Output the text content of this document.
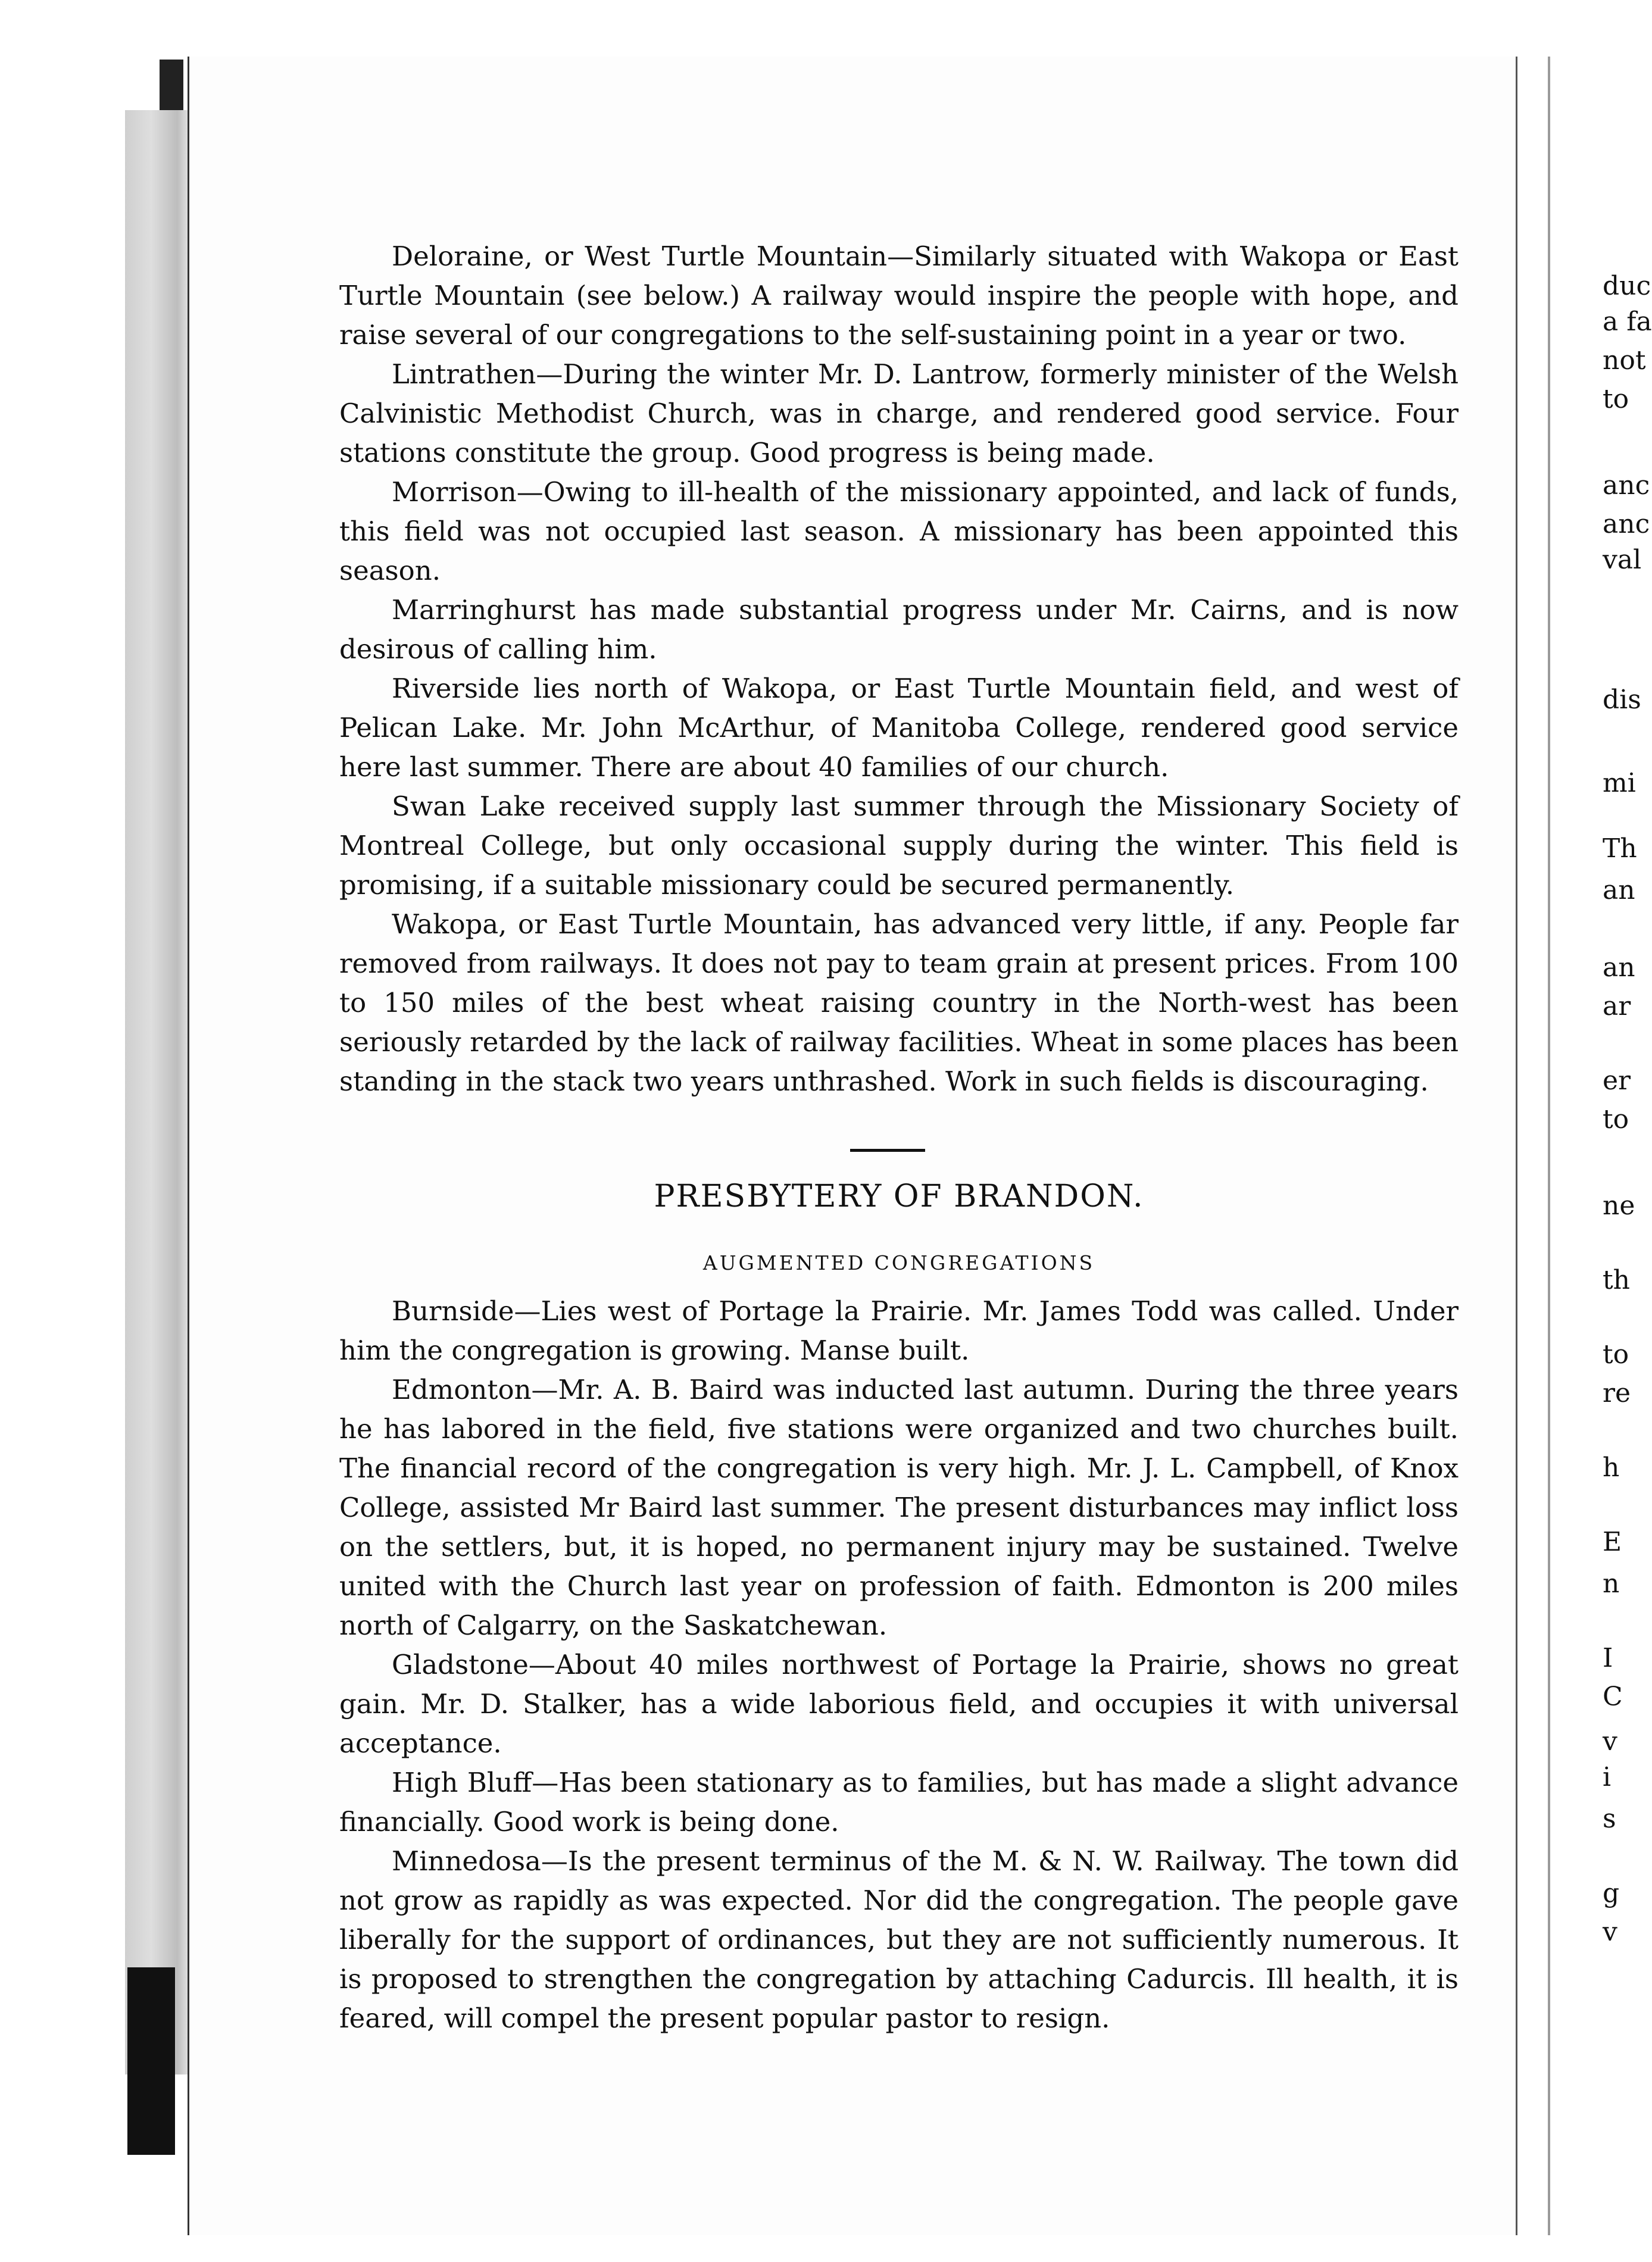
Deloraine, or West Turtle Mountain—Similarly situated with Wakopa or East Turtle Mountain (see below.) A railway would inspire the people with hope, and raise several of our congregations to the self-sustaining point in a year or two.

Lintrathen—During the winter Mr. D. Lantrow, formerly minister of the Welsh Calvinistic Methodist Church, was in charge, and rendered good service. Four stations constitute the group. Good progress is being made.

Morrison—Owing to ill-health of the missionary appointed, and lack of funds, this field was not occupied last season. A missionary has been appointed this season.

Marringhurst has made substantial progress under Mr. Cairns, and is now desirous of calling him.

Riverside lies north of Wakopa, or East Turtle Mountain field, and west of Pelican Lake. Mr. John McArthur, of Manitoba College, rendered good service here last summer. There are about 40 families of our church.

Swan Lake received supply last summer through the Missionary Society of Montreal College, but only occasional supply during the winter. This field is promising, if a suitable missionary could be secured permanently.

Wakopa, or East Turtle Mountain, has advanced very little, if any. People far removed from railways. It does not pay to team grain at present prices. From 100 to 150 miles of the best wheat raising country in the North-west has been seriously retarded by the lack of railway facilities. Wheat in some places has been standing in the stack two years unthrashed. Work in such fields is discouraging.

PRESBYTERY OF BRANDON.
AUGMENTED CONGREGATIONS

Burnside—Lies west of Portage la Prairie. Mr. James Todd was called. Under him the congregation is growing. Manse built.

Edmonton—Mr. A. B. Baird was inducted last autumn. During the three years he has labored in the field, five stations were organized and two churches built. The financial record of the congregation is very high. Mr. J. L. Campbell, of Knox College, assisted Mr Baird last summer. The present disturbances may inflict loss on the settlers, but, it is hoped, no permanent injury may be sustained. Twelve united with the Church last year on profession of faith. Edmonton is 200 miles north of Calgarry, on the Saskatchewan.

Gladstone—About 40 miles northwest of Portage la Prairie, shows no great gain. Mr. D. Stalker, has a wide laborious field, and occupies it with universal acceptance.

High Bluff—Has been stationary as to families, but has made a slight advance financially. Good work is being done.

Minnedosa—Is the present terminus of the M. & N. W. Railway. The town did not grow as rapidly as was expected. Nor did the congregation. The people gave liberally for the support of ordinances, but they are not sufficiently numerous. It is proposed to strengthen the congregation by attaching Cadurcis. Ill health, it is feared, will compel the present popular pastor to resign.

duc
a fa
not
to
anc
anc
val
dis
mi
Th
an
an
ar
er
to
ne
th
to
re
h
E
n
I
C
v
i
s
g
v
